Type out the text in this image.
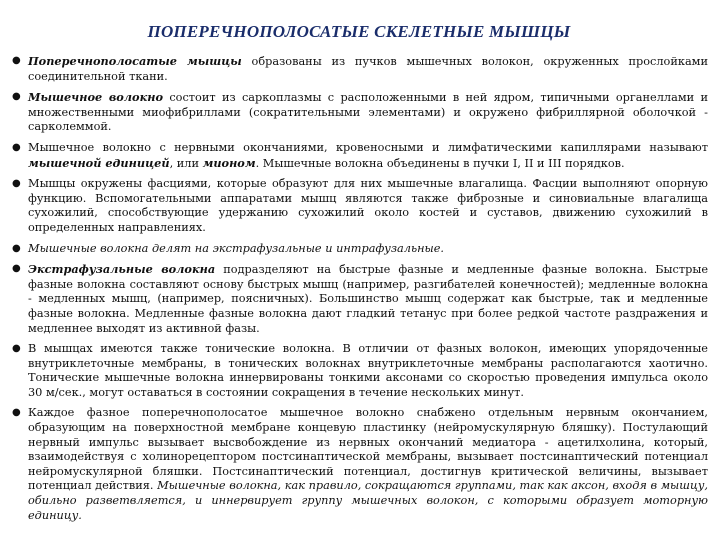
ПОПЕРЕЧНОПОЛОСАТЫЕ СКЕЛЕТНЫЕ МЫШЦЫ
● Поперечнополосатые мышцы образованы из пучков мышечных волокон, окруженных прослойками соединительной ткани.
● Мышечное волокно состоит из саркоплазмы с расположенными в ней ядром, типичными органеллами и множественными миофибриллами (сократительными элементами) и окружено фибриллярной оболочкой - сарколеммой.
● Мышечное волокно с нервными окончаниями, кровеносными и лимфатическими капиллярами называют мышечной единицей, или мионом. Мышечные волокна объединены в пучки I, II и III порядков.
● Мышцы окружены фасциями, которые образуют для них мышечные влагалища. Фасции выполняют опорную функцию. Вспомогательными аппаратами мышц являются также фиброзные и синовиальные влагалища сухожилий, способствующие удержанию сухожилий около костей и суставов, движению сухожилий в определенных направлениях.
● Мышечные волокна делят на экстрафузальные и интрафузальные.
● Экстрафузальные волокна подразделяют на быстрые фазные и медленные фазные волокна. Быстрые фазные волокна составляют основу быстрых мышц (например, разгибателей конечностей); медленные волокна - медленных мышц, (например, поясничных). Большинство мышц содержат как быстрые, так и медленные фазные волокна. Медленные фазные волокна дают гладкий тетанус при более редкой частоте раздражения и медленнее выходят из активной фазы.
● В мышцах имеются также тонические волокна. В отличии от фазных волокон, имеющих упорядоченные внутриклеточные мембраны, в тонических волокнах внутриклеточные мембраны располагаются хаотично. Тонические мышечные волокна иннервированы тонкими аксонами со скоростью проведения импульса около 30 м/сек., могут оставаться в состоянии сокращения в течение нескольких минут.
● Каждое фазное поперечнополосатое мышечное волокно снабжено отдельным нервным окончанием, образующим на поверхностной мембране концевую пластинку (нейромускулярную бляшку). Постулающий нервный импульс вызывает высвобождение из нервных окончаний медиатора - ацетилхолина, который, взаимодействуя с холинорецептором постсинаптической мембраны, вызывает постсинаптический потенциал нейромускулярной бляшки. Постсинаптический потенциал, достигнув критической величины, вызывает потенциал действия. Мышечные волокна, как правило, сокращаются группами, так как аксон, входя в мышцу, обильно разветвляется, и иннервирует группу мышечных волокон, с которыми образует моторную единицу.
